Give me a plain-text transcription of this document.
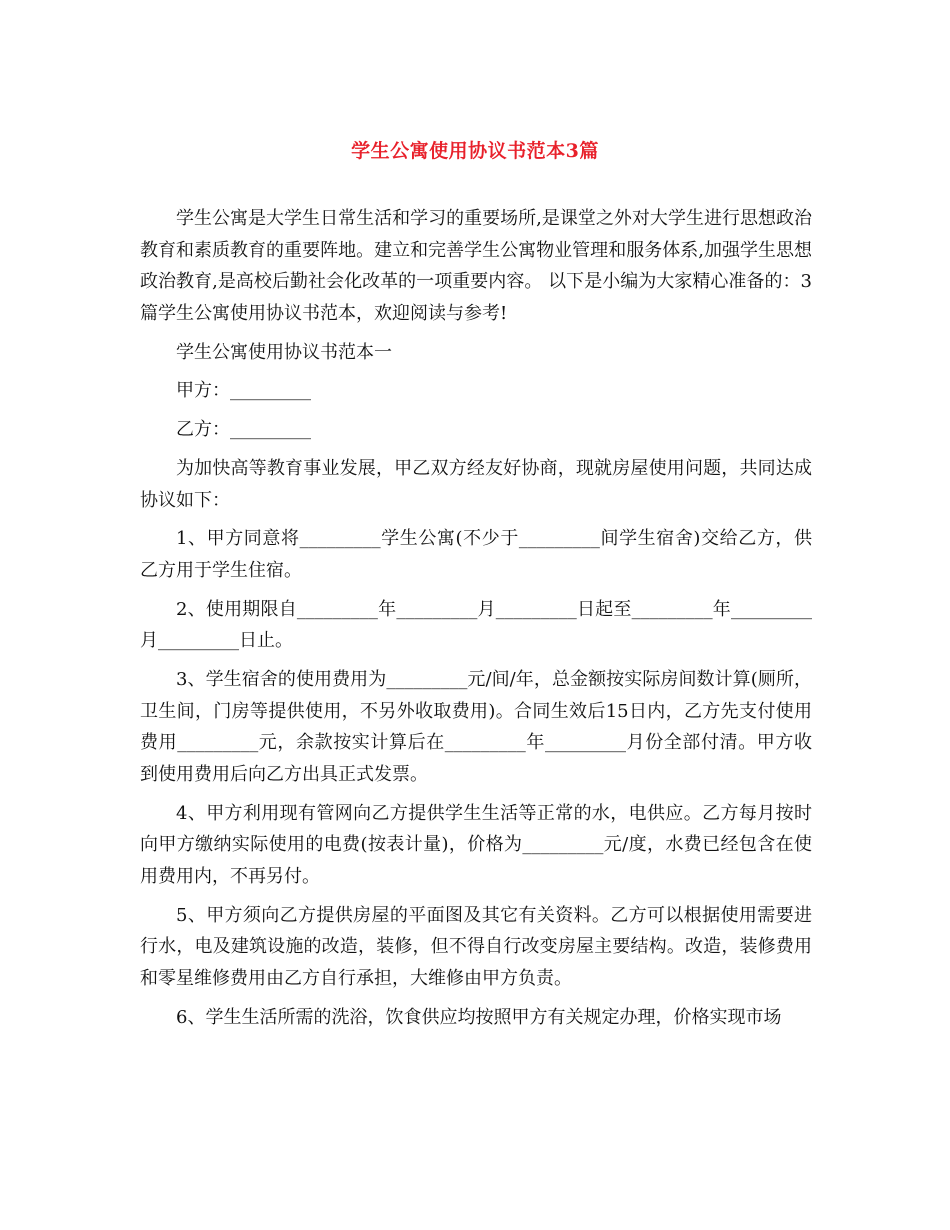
学生公寓使用协议书范本3篇

学生公寓是大学生日常生活和学习的重要场所,是课堂之外对大学生进行思想政治教育和素质教育的重要阵地。建立和完善学生公寓物业管理和服务体系,加强学生思想政治教育,是高校后勤社会化改革的一项重要内容。 以下是小编为大家精心准备的：3篇学生公寓使用协议书范本，欢迎阅读与参考!

学生公寓使用协议书范本一

甲方：_________

乙方：_________

为加快高等教育事业发展，甲乙双方经友好协商，现就房屋使用问题，共同达成协议如下：

1、甲方同意将_________学生公寓(不少于_________间学生宿舍)交给乙方，供乙方用于学生住宿。

2、使用期限自_________年_________月_________日起至_________年_________月_________日止。

3、学生宿舍的使用费用为_________元/间/年，总金额按实际房间数计算(厕所，卫生间，门房等提供使用，不另外收取费用)。合同生效后15日内，乙方先支付使用费用_________元，余款按实计算后在_________年_________月份全部付清。甲方收到使用费用后向乙方出具正式发票。

4、甲方利用现有管网向乙方提供学生生活等正常的水，电供应。乙方每月按时向甲方缴纳实际使用的电费(按表计量)，价格为_________元/度，水费已经包含在使用费用内，不再另付。

5、甲方须向乙方提供房屋的平面图及其它有关资料。乙方可以根据使用需要进行水，电及建筑设施的改造，装修，但不得自行改变房屋主要结构。改造，装修费用和零星维修费用由乙方自行承担，大维修由甲方负责。

6、学生生活所需的洗浴，饮食供应均按照甲方有关规定办理，价格实现市场
